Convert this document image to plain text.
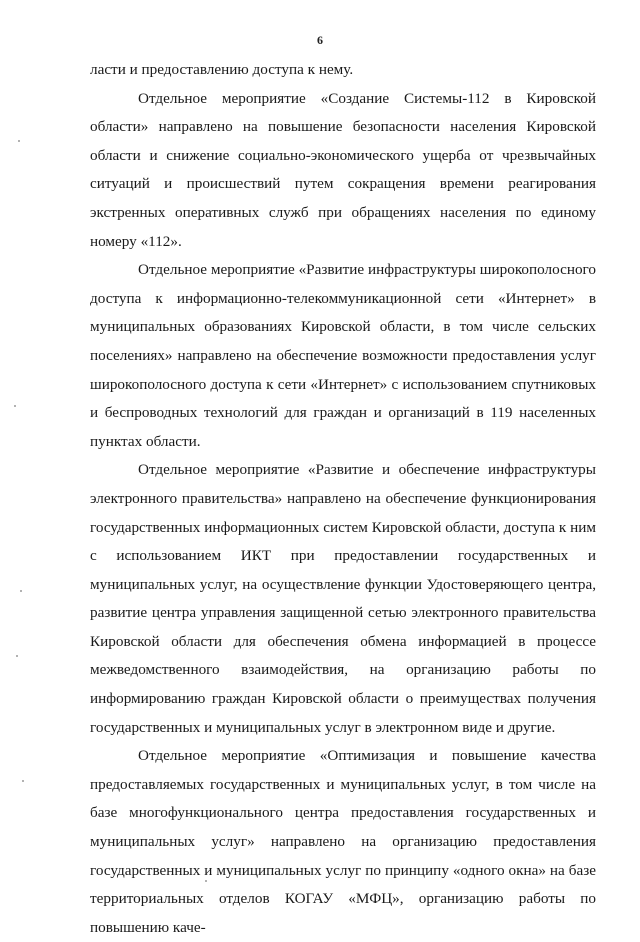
6

ласти и предоставлению доступа к нему.

Отдельное мероприятие «Создание Системы-112 в Кировской области» направлено на повышение безопасности населения Кировской области и снижение социально-экономического ущерба от чрезвычайных ситуаций и происшествий путем сокращения времени реагирования экстренных оперативных служб при обращениях населения по единому номеру «112».

Отдельное мероприятие «Развитие инфраструктуры широкополосного доступа к информационно-телекоммуникационной сети «Интернет» в муниципальных образованиях Кировской области, в том числе сельских поселениях» направлено на обеспечение возможности предоставления услуг широкополосного доступа к сети «Интернет» с использованием спутниковых и беспроводных технологий для граждан и организаций в 119 населенных пунктах области.

Отдельное мероприятие «Развитие и обеспечение инфраструктуры электронного правительства» направлено на обеспечение функционирования государственных информационных систем Кировской области, доступа к ним с использованием ИКТ при предоставлении государственных и муниципальных услуг, на осуществление функции Удостоверяющего центра, развитие центра управления защищенной сетью электронного правительства Кировской области для обеспечения обмена информацией в процессе межведомственного взаимодействия, на организацию работы по информированию граждан Кировской области о преимуществах получения государственных и муниципальных услуг в электронном виде и другие.

Отдельное мероприятие «Оптимизация и повышение качества предоставляемых государственных и муниципальных услуг, в том числе на базе многофункционального центра предоставления государственных и муниципальных услуг» направлено на организацию предоставления государственных и муниципальных услуг по принципу «одного окна» на базе территориальных отделов КОГАУ «МФЦ», организацию работы по повышению каче-
